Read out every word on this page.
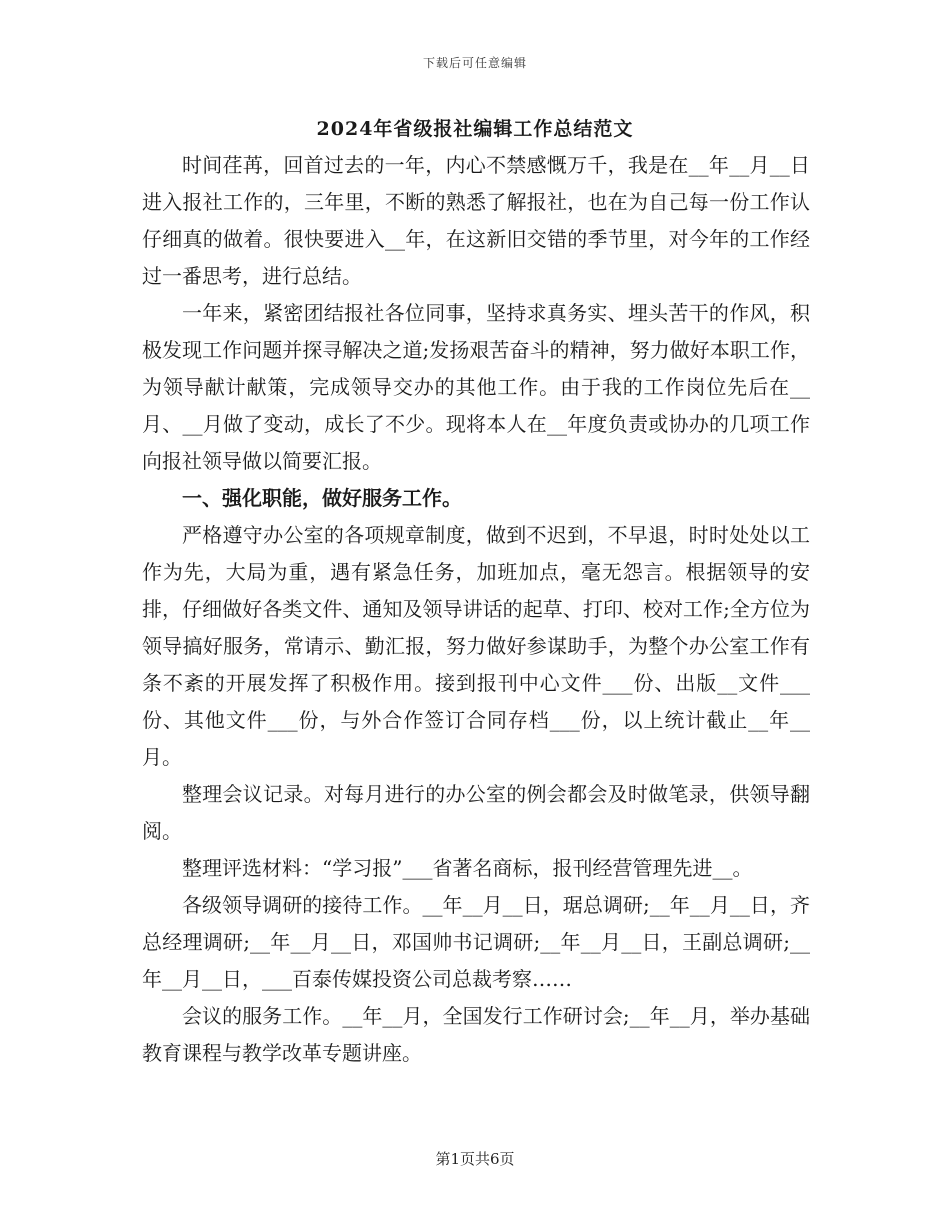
下载后可任意编辑
2024年省级报社编辑工作总结范文

时间荏苒，回首过去的一年，内心不禁感慨万千，我是在__年__月__日进入报社工作的，三年里，不断的熟悉了解报社，也在为自己每一份工作认仔细真的做着。很快要进入__年，在这新旧交错的季节里，对今年的工作经过一番思考，进行总结。

一年来，紧密团结报社各位同事，坚持求真务实、埋头苦干的作风，积极发现工作问题并探寻解决之道;发扬艰苦奋斗的精神，努力做好本职工作，为领导献计献策，完成领导交办的其他工作。由于我的工作岗位先后在__月、__月做了变动，成长了不少。现将本人在__年度负责或协办的几项工作向报社领导做以简要汇报。

一、强化职能，做好服务工作。

严格遵守办公室的各项规章制度，做到不迟到，不早退，时时处处以工作为先，大局为重，遇有紧急任务，加班加点，毫无怨言。根据领导的安排，仔细做好各类文件、通知及领导讲话的起草、打印、校对工作;全方位为领导搞好服务，常请示、勤汇报，努力做好参谋助手，为整个办公室工作有条不紊的开展发挥了积极作用。接到报刊中心文件___份、出版__文件___份、其他文件___份，与外合作签订合同存档___份，以上统计截止__年__月。

整理会议记录。对每月进行的办公室的例会都会及时做笔录，供领导翻阅。

整理评选材料：“学习报”___省著名商标，报刊经营管理先进__。

各级领导调研的接待工作。__年__月__日，琚总调研;__年__月__日，齐总经理调研;__年__月__日，邓国帅书记调研;__年__月__日，王副总调研;__年__月__日，___百泰传媒投资公司总裁考察……

会议的服务工作。__年__月，全国发行工作研讨会;__年__月，举办基础教育课程与教学改革专题讲座。

第1页共6页
